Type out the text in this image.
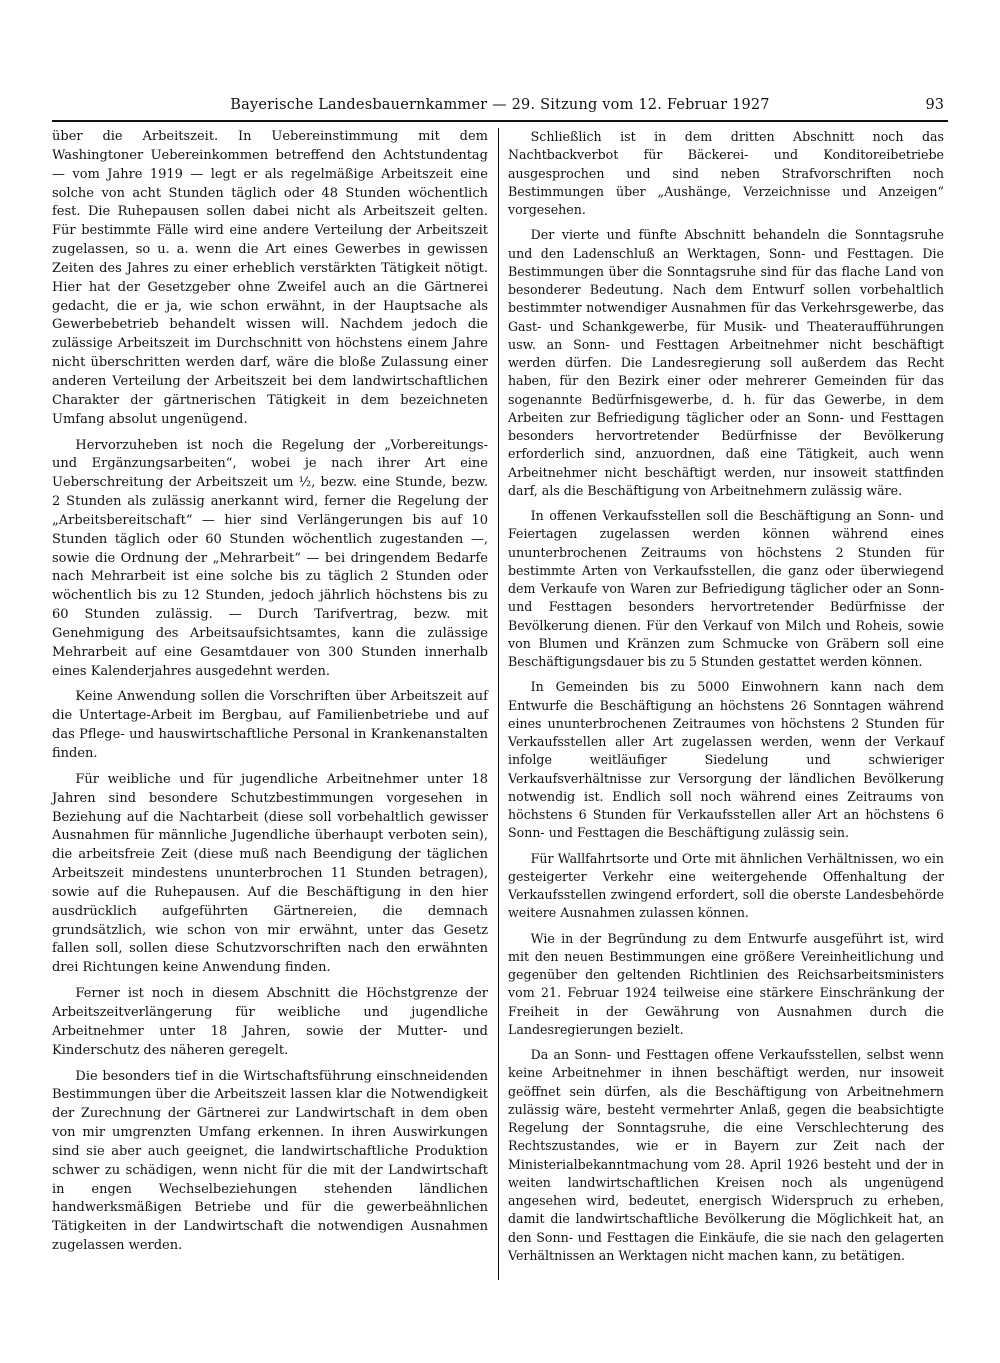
Bayerische Landesbauernkammer — 29. Sitzung vom 12. Februar 1927	93

über die Arbeitszeit. In Uebereinstimmung mit dem Washingtoner Uebereinkommen betreffend den Achtstundentag — vom Jahre 1919 — legt er als regelmäßige Arbeitszeit eine solche von acht Stunden täglich oder 48 Stunden wöchentlich fest. Die Ruhepausen sollen dabei nicht als Arbeitszeit gelten. Für bestimmte Fälle wird eine andere Verteilung der Arbeitszeit zugelassen, so u. a. wenn die Art eines Gewerbes in gewissen Zeiten des Jahres zu einer erheblich verstärkten Tätigkeit nötigt. Hier hat der Gesetzgeber ohne Zweifel auch an die Gärtnerei gedacht, die er ja, wie schon erwähnt, in der Hauptsache als Gewerbebetrieb behandelt wissen will. Nachdem jedoch die zulässige Arbeitszeit im Durchschnitt von höchstens einem Jahre nicht überschritten werden darf, wäre die bloße Zulassung einer anderen Verteilung der Arbeitszeit bei dem landwirtschaftlichen Charakter der gärtnerischen Tätigkeit in dem bezeichneten Umfang absolut ungenügend.

Hervorzuheben ist noch die Regelung der „Vorbereitungs- und Ergänzungsarbeiten“, wobei je nach ihrer Art eine Ueberschreitung der Arbeitszeit um ½, bezw. eine Stunde, bezw. 2 Stunden als zulässig anerkannt wird, ferner die Regelung der „Arbeitsbereitschaft“ — hier sind Verlängerungen bis auf 10 Stunden täglich oder 60 Stunden wöchentlich zugestanden —, sowie die Ordnung der „Mehrarbeit“ — bei dringendem Bedarfe nach Mehrarbeit ist eine solche bis zu täglich 2 Stunden oder wöchentlich bis zu 12 Stunden, jedoch jährlich höchstens bis zu 60 Stunden zulässig. — Durch Tarifvertrag, bezw. mit Genehmigung des Arbeitsaufsichtsamtes, kann die zulässige Mehrarbeit auf eine Gesamtdauer von 300 Stunden innerhalb eines Kalenderjahres ausgedehnt werden.

Keine Anwendung sollen die Vorschriften über Arbeitszeit auf die Untertage-Arbeit im Bergbau, auf Familienbetriebe und auf das Pflege- und hauswirtschaftliche Personal in Krankenanstalten finden.

Für weibliche und für jugendliche Arbeitnehmer unter 18 Jahren sind besondere Schutzbestimmungen vorgesehen in Beziehung auf die Nachtarbeit (diese soll vorbehaltlich gewisser Ausnahmen für männliche Jugendliche überhaupt verboten sein), die arbeitsfreie Zeit (diese muß nach Beendigung der täglichen Arbeitszeit mindestens ununterbrochen 11 Stunden betragen), sowie auf die Ruhepausen. Auf die Beschäftigung in den hier ausdrücklich aufgeführten Gärtnereien, die demnach grundsätzlich, wie schon von mir erwähnt, unter das Gesetz fallen soll, sollen diese Schutzvorschriften nach den erwähnten drei Richtungen keine Anwendung finden.

Ferner ist noch in diesem Abschnitt die Höchstgrenze der Arbeitszeitverlängerung für weibliche und jugendliche Arbeitnehmer unter 18 Jahren, sowie der Mutter- und Kinderschutz des näheren geregelt.

Die besonders tief in die Wirtschaftsführung einschneidenden Bestimmungen über die Arbeitszeit lassen klar die Notwendigkeit der Zurechnung der Gärtnerei zur Landwirtschaft in dem oben von mir umgrenzten Umfang erkennen. In ihren Auswirkungen sind sie aber auch geeignet, die landwirtschaftliche Produktion schwer zu schädigen, wenn nicht für die mit der Landwirtschaft in engen Wechselbeziehungen stehenden ländlichen handwerksmäßigen Betriebe und für die gewerbeähnlichen Tätigkeiten in der Landwirtschaft die notwendigen Ausnahmen zugelassen werden.

Schließlich ist in dem dritten Abschnitt noch das Nachtbackverbot für Bäckerei- und Konditoreibetriebe ausgesprochen und sind neben Strafvorschriften noch Bestimmungen über „Aushänge, Verzeichnisse und Anzeigen“ vorgesehen.

Der vierte und fünfte Abschnitt behandeln die Sonntagsruhe und den Ladenschluß an Werktagen, Sonn- und Festtagen. Die Bestimmungen über die Sonntagsruhe sind für das flache Land von besonderer Bedeutung. Nach dem Entwurf sollen vorbehaltlich bestimmter notwendiger Ausnahmen für das Verkehrsgewerbe, das Gast- und Schankgewerbe, für Musik- und Theateraufführungen usw. an Sonn- und Festtagen Arbeitnehmer nicht beschäftigt werden dürfen. Die Landesregierung soll außerdem das Recht haben, für den Bezirk einer oder mehrerer Gemeinden für das sogenannte Bedürfnisgewerbe, d. h. für das Gewerbe, in dem Arbeiten zur Befriedigung täglicher oder an Sonn- und Festtagen besonders hervortretender Bedürfnisse der Bevölkerung erforderlich sind, anzuordnen, daß eine Tätigkeit, auch wenn Arbeitnehmer nicht beschäftigt werden, nur insoweit stattfinden darf, als die Beschäftigung von Arbeitnehmern zulässig wäre.

In offenen Verkaufsstellen soll die Beschäftigung an Sonn- und Feiertagen zugelassen werden können während eines ununterbrochenen Zeitraums von höchstens 2 Stunden für bestimmte Arten von Verkaufsstellen, die ganz oder überwiegend dem Verkaufe von Waren zur Befriedigung täglicher oder an Sonn- und Festtagen besonders hervortretender Bedürfnisse der Bevölkerung dienen. Für den Verkauf von Milch und Roheis, sowie von Blumen und Kränzen zum Schmucke von Gräbern soll eine Beschäftigungsdauer bis zu 5 Stunden gestattet werden können.

In Gemeinden bis zu 5000 Einwohnern kann nach dem Entwurfe die Beschäftigung an höchstens 26 Sonntagen während eines ununterbrochenen Zeitraumes von höchstens 2 Stunden für Verkaufsstellen aller Art zugelassen werden, wenn der Verkauf infolge weitläufiger Siedelung und schwieriger Verkaufsverhältnisse zur Versorgung der ländlichen Bevölkerung notwendig ist. Endlich soll noch während eines Zeitraums von höchstens 6 Stunden für Verkaufsstellen aller Art an höchstens 6 Sonn- und Festtagen die Beschäftigung zulässig sein.

Für Wallfahrtsorte und Orte mit ähnlichen Verhältnissen, wo ein gesteigerter Verkehr eine weitergehende Offenhaltung der Verkaufsstellen zwingend erfordert, soll die oberste Landesbehörde weitere Ausnahmen zulassen können.

Wie in der Begründung zu dem Entwurfe ausgeführt ist, wird mit den neuen Bestimmungen eine größere Vereinheitlichung und gegenüber den geltenden Richtlinien des Reichsarbeitsministers vom 21. Februar 1924 teilweise eine stärkere Einschränkung der Freiheit in der Gewährung von Ausnahmen durch die Landesregierungen bezielt.

Da an Sonn- und Festtagen offene Verkaufsstellen, selbst wenn keine Arbeitnehmer in ihnen beschäftigt werden, nur insoweit geöffnet sein dürfen, als die Beschäftigung von Arbeitnehmern zulässig wäre, besteht vermehrter Anlaß, gegen die beabsichtigte Regelung der Sonntagsruhe, die eine Verschlechterung des Rechtszustandes, wie er in Bayern zur Zeit nach der Ministerialbekanntmachung vom 28. April 1926 besteht und der in weiten landwirtschaftlichen Kreisen noch als ungenügend angesehen wird, bedeutet, energisch Widerspruch zu erheben, damit die landwirtschaftliche Bevölkerung die Möglichkeit hat, an den Sonn- und Festtagen die Einkäufe, die sie nach den gelagerten Verhältnissen an Werktagen nicht machen kann, zu betätigen.
